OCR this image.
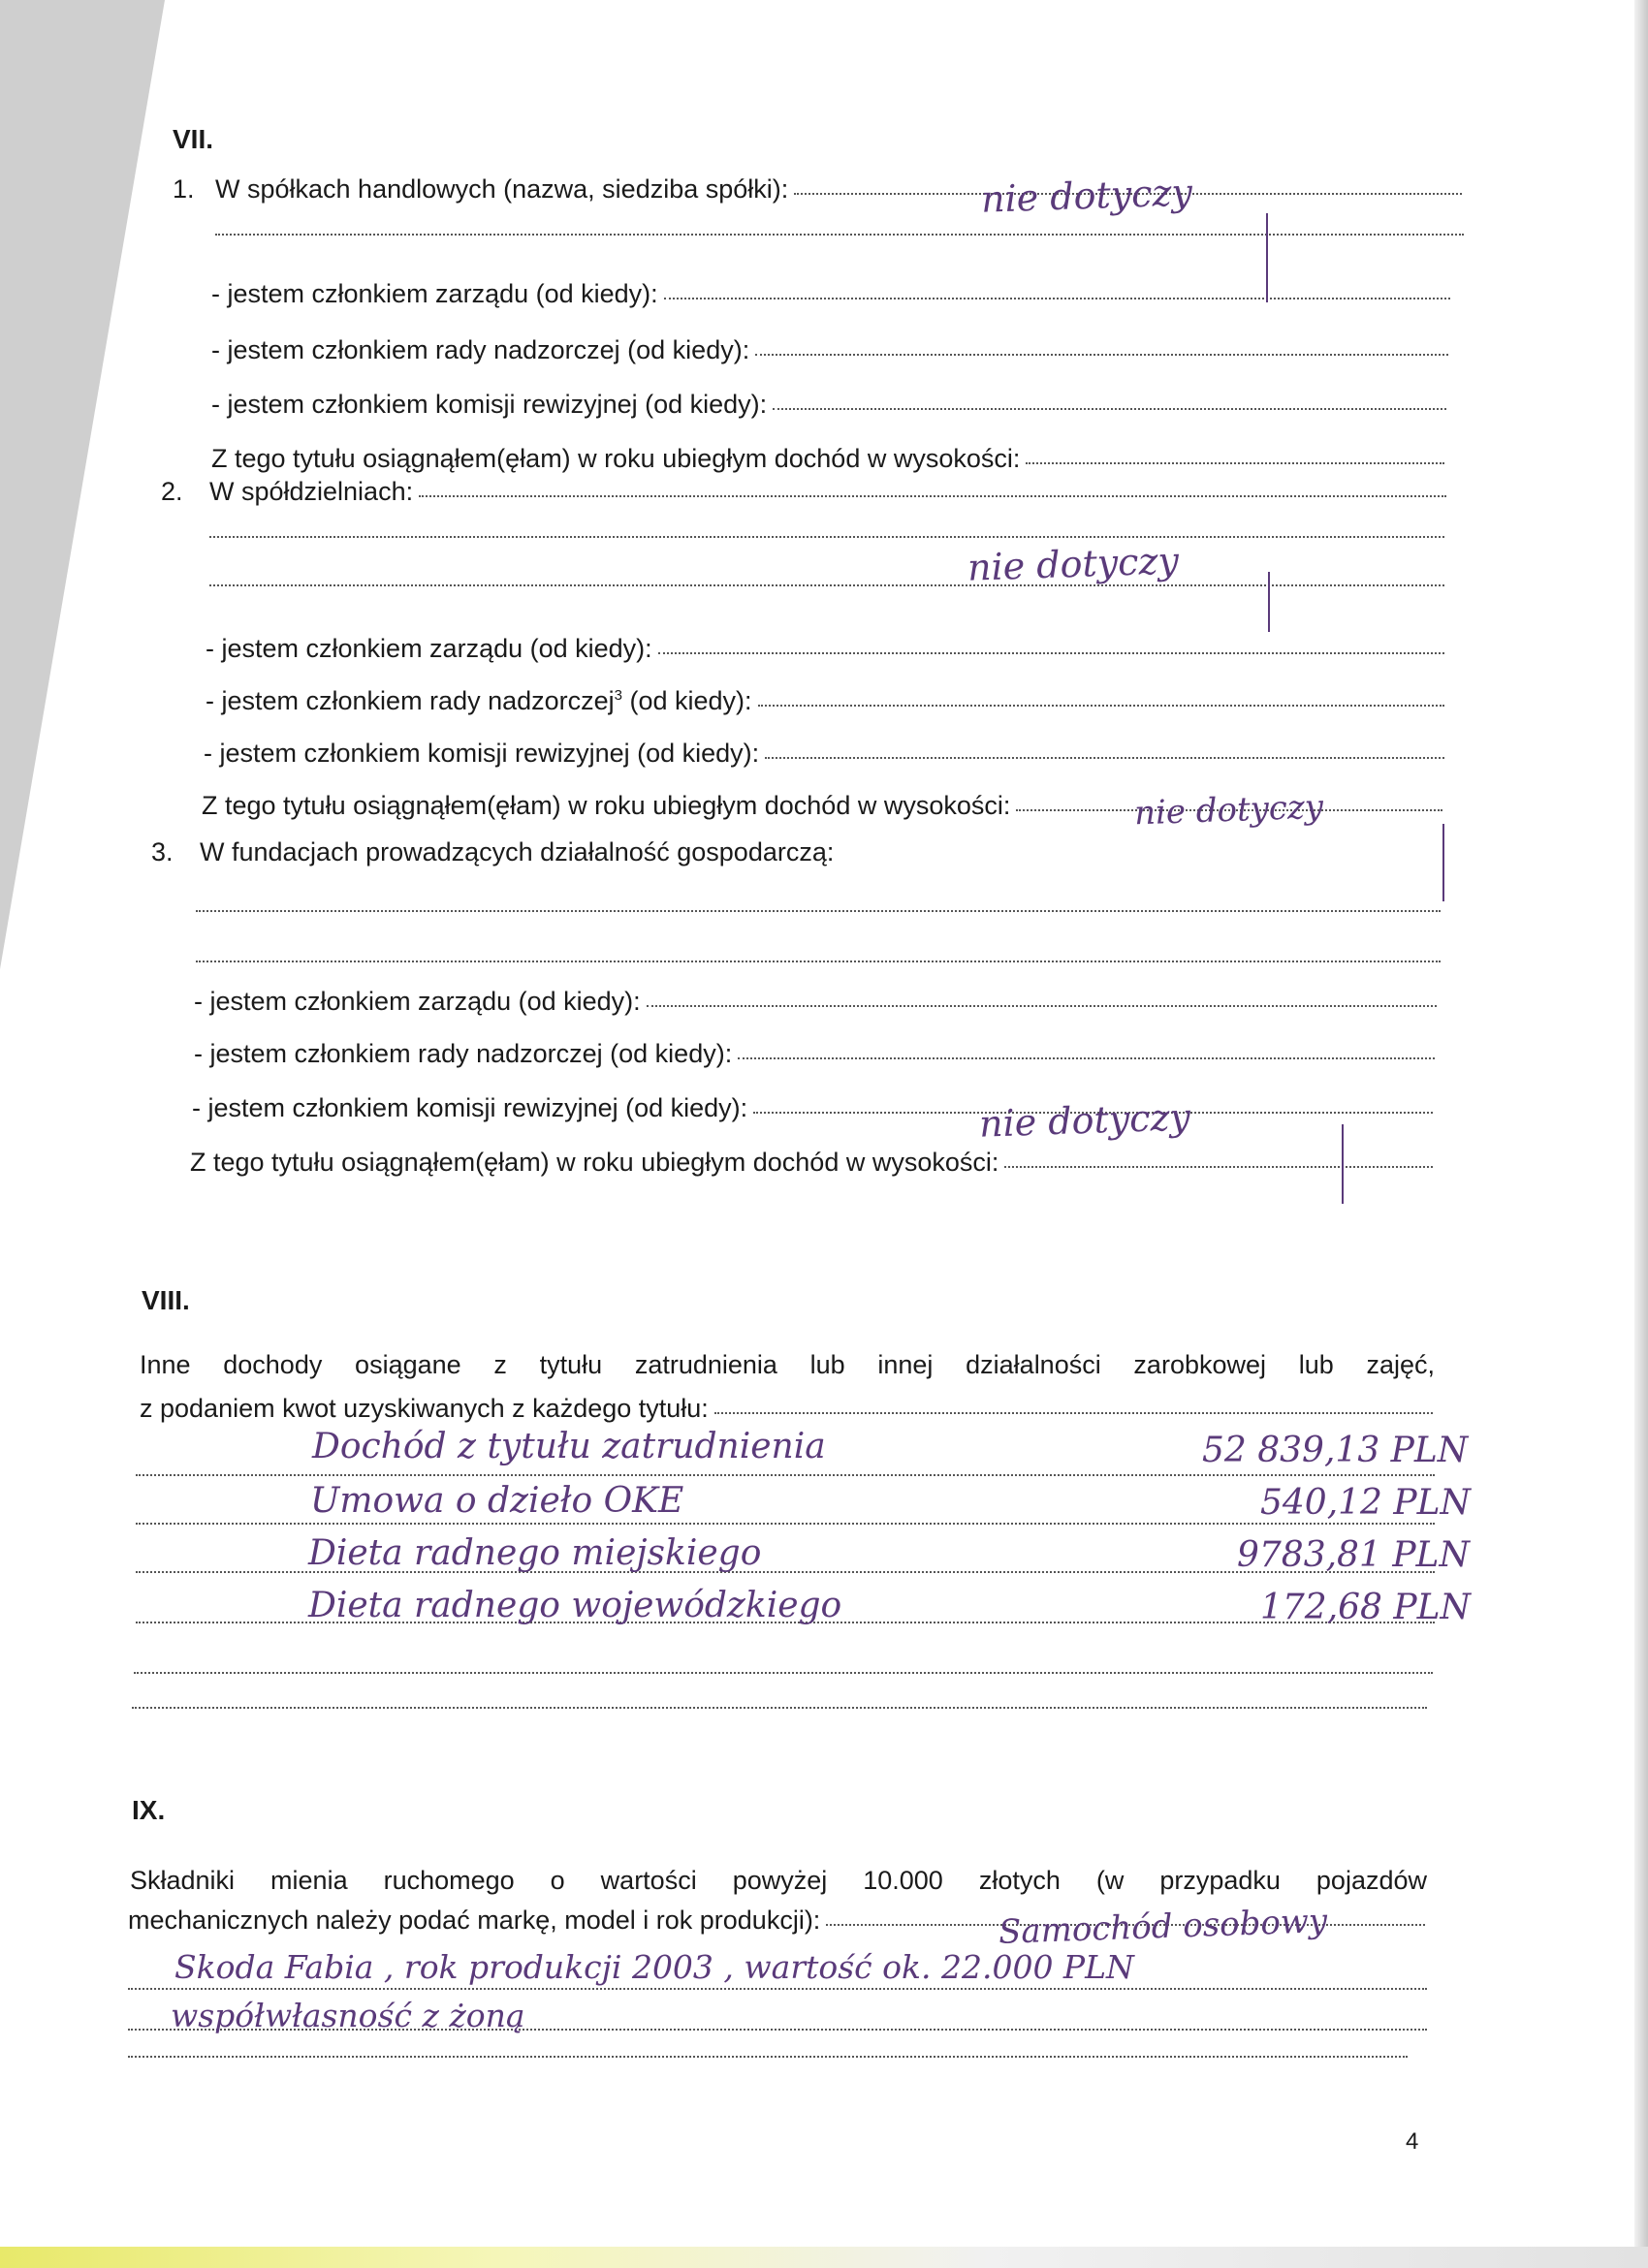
VII.
1. W spółkach handlowych (nazwa, siedziba spółki):
- jestem członkiem zarządu (od kiedy):
- jestem członkiem rady nadzorczej (od kiedy):
- jestem członkiem komisji rewizyjnej (od kiedy):
Z tego tytułu osiągnąłem(ęłam) w roku ubiegłym dochód w wysokości:
nie dotyczy
2.	W spółdzielniach:
nie dotyczy
- jestem członkiem zarządu (od kiedy):
- jestem członkiem rady nadzorczej$^3$ (od kiedy):
- jestem członkiem komisji rewizyjnej (od kiedy):
Z tego tytułu osiągnąłem(ęłam) w roku ubiegłym dochód w wysokości:	nie dotyczy
3.	W fundacjach prowadzących działalność gospodarczą:
- jestem członkiem zarządu (od kiedy):
- jestem członkiem rady nadzorczej (od kiedy):
- jestem członkiem komisji rewizyjnej (od kiedy):
Z tego tytułu osiągnąłem(ęłam) w roku ubiegłym dochód w wysokości:
nie dotyczy
VIII.
Inne dochody osiągane z tytułu zatrudnienia lub innej działalności zarobkowej lub zajęć,
z podaniem kwot uzyskiwanych z każdego tytułu:
Dochód z tytułu zatrudnienia	52 839,13 PLN
Umowa o dzieło OKE	540,12 PLN
Dieta radnego miejskiego	9783,81 PLN
Dieta radnego wojewódzkiego	172,68 PLN
IX.
Składniki mienia ruchomego o wartości powyżej 10.000 złotych (w przypadku pojazdów
mechanicznych należy podać markę, model i rok produkcji):	Samochód osobowy
Skoda Fabia , rok produkcji 2003 , wartość ok. 22.000 PLN
współwłasność z żoną
4
